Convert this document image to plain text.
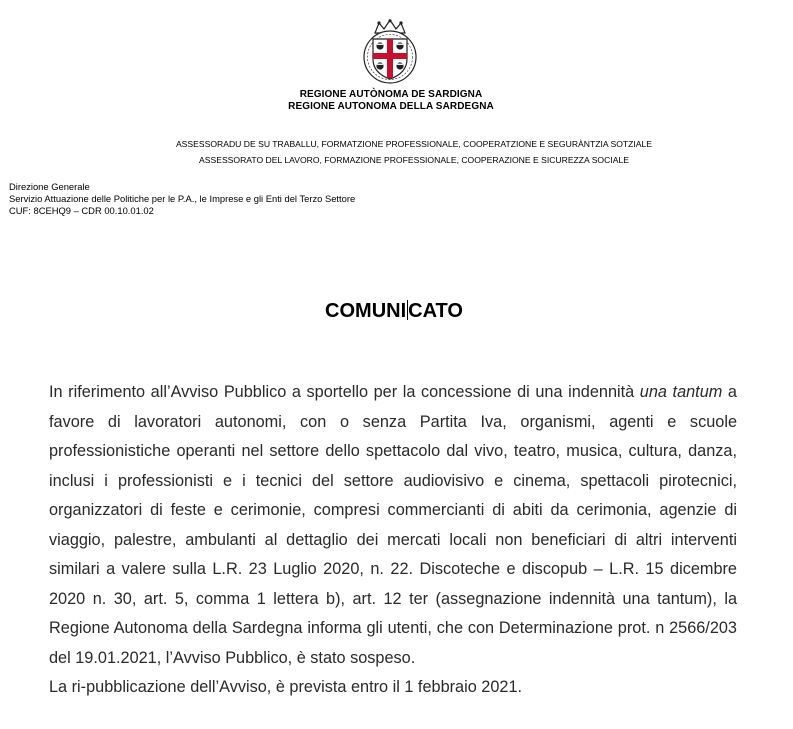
REGIONE AUTÒNOMA DE SARDIGNA
REGIONE AUTONOMA DELLA SARDEGNA
ASSESSORADU DE SU TRABALLU, FORMATZIONE PROFESSIONALE, COOPERATZIONE E SEGURÀNTZIA SOTZIALE
ASSESSORATO DEL LAVORO, FORMAZIONE PROFESSIONALE, COOPERAZIONE E SICUREZZA SOCIALE
Direzione Generale
Servizio Attuazione delle Politiche per le P.A., le Imprese e gli Enti del Terzo Settore
CUF: 8CEHQ9 – CDR 00.10.01.02
COMUNI CATO

In riferimento all’Avviso Pubblico a sportello per la concessione di una indennità una tantum a favore di lavoratori autonomi, con o senza Partita Iva, organismi, agenti e scuole professionistiche operanti nel settore dello spettacolo dal vivo, teatro, musica, cultura, danza, inclusi i professionisti e i tecnici del settore audiovisivo e cinema, spettacoli pirotecnici, organizzatori di feste e cerimonie, compresi commercianti di abiti da cerimonia, agenzie di viaggio, palestre, ambulanti al dettaglio dei mercati locali non beneficiari di altri interventi similari a valere sulla L.R. 23 Luglio 2020, n. 22. Discoteche e discopub – L.R. 15 dicembre 2020 n. 30, art. 5, comma 1 lettera b), art. 12 ter (assegnazione indennità una tantum), la Regione Autonoma della Sardegna informa gli utenti, che con Determinazione prot. n 2566/203 del 19.01.2021, l’Avviso Pubblico, è stato sospeso.

La ri-pubblicazione dell’Avviso, è prevista entro il 1 febbraio 2021.
